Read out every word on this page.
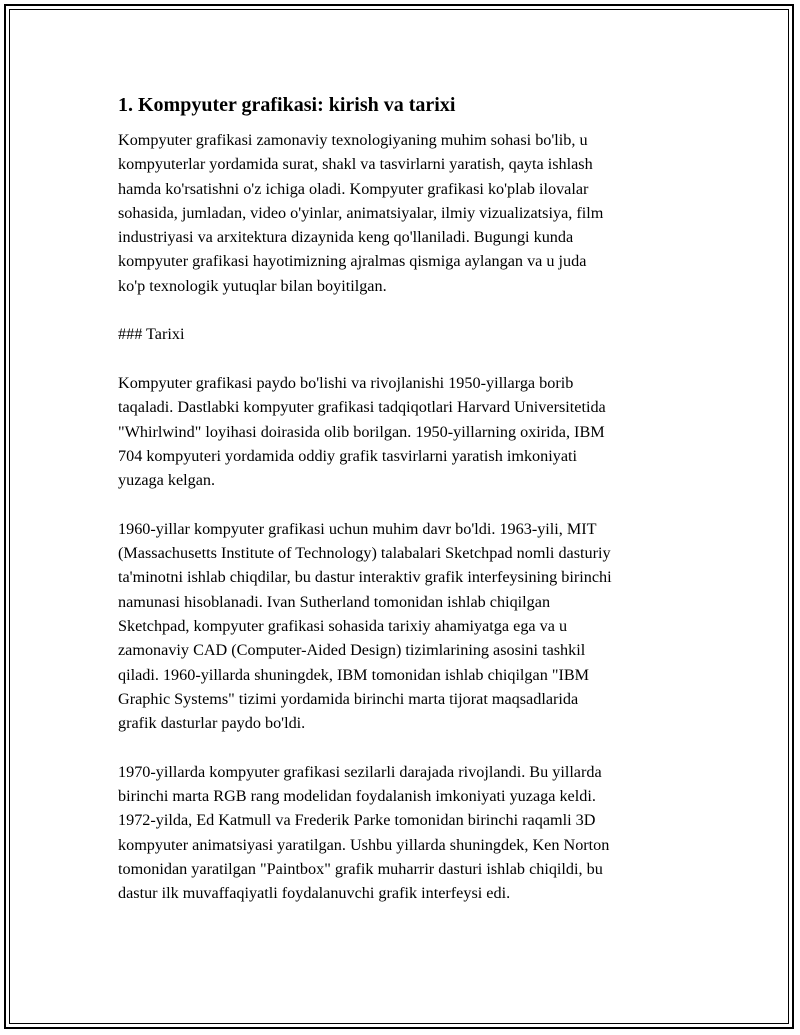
1. Kompyuter grafikasi: kirish va tarixi

Kompyuter grafikasi zamonaviy texnologiyaning muhim sohasi bo'lib, u
kompyuterlar yordamida surat, shakl va tasvirlarni yaratish, qayta ishlash
hamda ko'rsatishni o'z ichiga oladi. Kompyuter grafikasi ko'plab ilovalar
sohasida, jumladan, video o'yinlar, animatsiyalar, ilmiy vizualizatsiya, film
industriyasi va arxitektura dizaynida keng qo'llaniladi. Bugungi kunda
kompyuter grafikasi hayotimizning ajralmas qismiga aylangan va u juda
ko'p texnologik yutuqlar bilan boyitilgan.

### Tarixi

Kompyuter grafikasi paydo bo'lishi va rivojlanishi 1950-yillarga borib
taqaladi. Dastlabki kompyuter grafikasi tadqiqotlari Harvard Universitetida
"Whirlwind" loyihasi doirasida olib borilgan. 1950-yillarning oxirida, IBM
704 kompyuteri yordamida oddiy grafik tasvirlarni yaratish imkoniyati
yuzaga kelgan.

1960-yillar kompyuter grafikasi uchun muhim davr bo'ldi. 1963-yili, MIT
(Massachusetts Institute of Technology) talabalari Sketchpad nomli dasturiy
ta'minotni ishlab chiqdilar, bu dastur interaktiv grafik interfeysining birinchi
namunasi hisoblanadi. Ivan Sutherland tomonidan ishlab chiqilgan
Sketchpad, kompyuter grafikasi sohasida tarixiy ahamiyatga ega va u
zamonaviy CAD (Computer-Aided Design) tizimlarining asosini tashkil
qiladi. 1960-yillarda shuningdek, IBM tomonidan ishlab chiqilgan "IBM
Graphic Systems" tizimi yordamida birinchi marta tijorat maqsadlarida
grafik dasturlar paydo bo'ldi.

1970-yillarda kompyuter grafikasi sezilarli darajada rivojlandi. Bu yillarda
birinchi marta RGB rang modelidan foydalanish imkoniyati yuzaga keldi.
1972-yilda, Ed Katmull va Frederik Parke tomonidan birinchi raqamli 3D
kompyuter animatsiyasi yaratilgan. Ushbu yillarda shuningdek, Ken Norton
tomonidan yaratilgan "Paintbox" grafik muharrir dasturi ishlab chiqildi, bu
dastur ilk muvaffaqiyatli foydalanuvchi grafik interfeysi edi.
